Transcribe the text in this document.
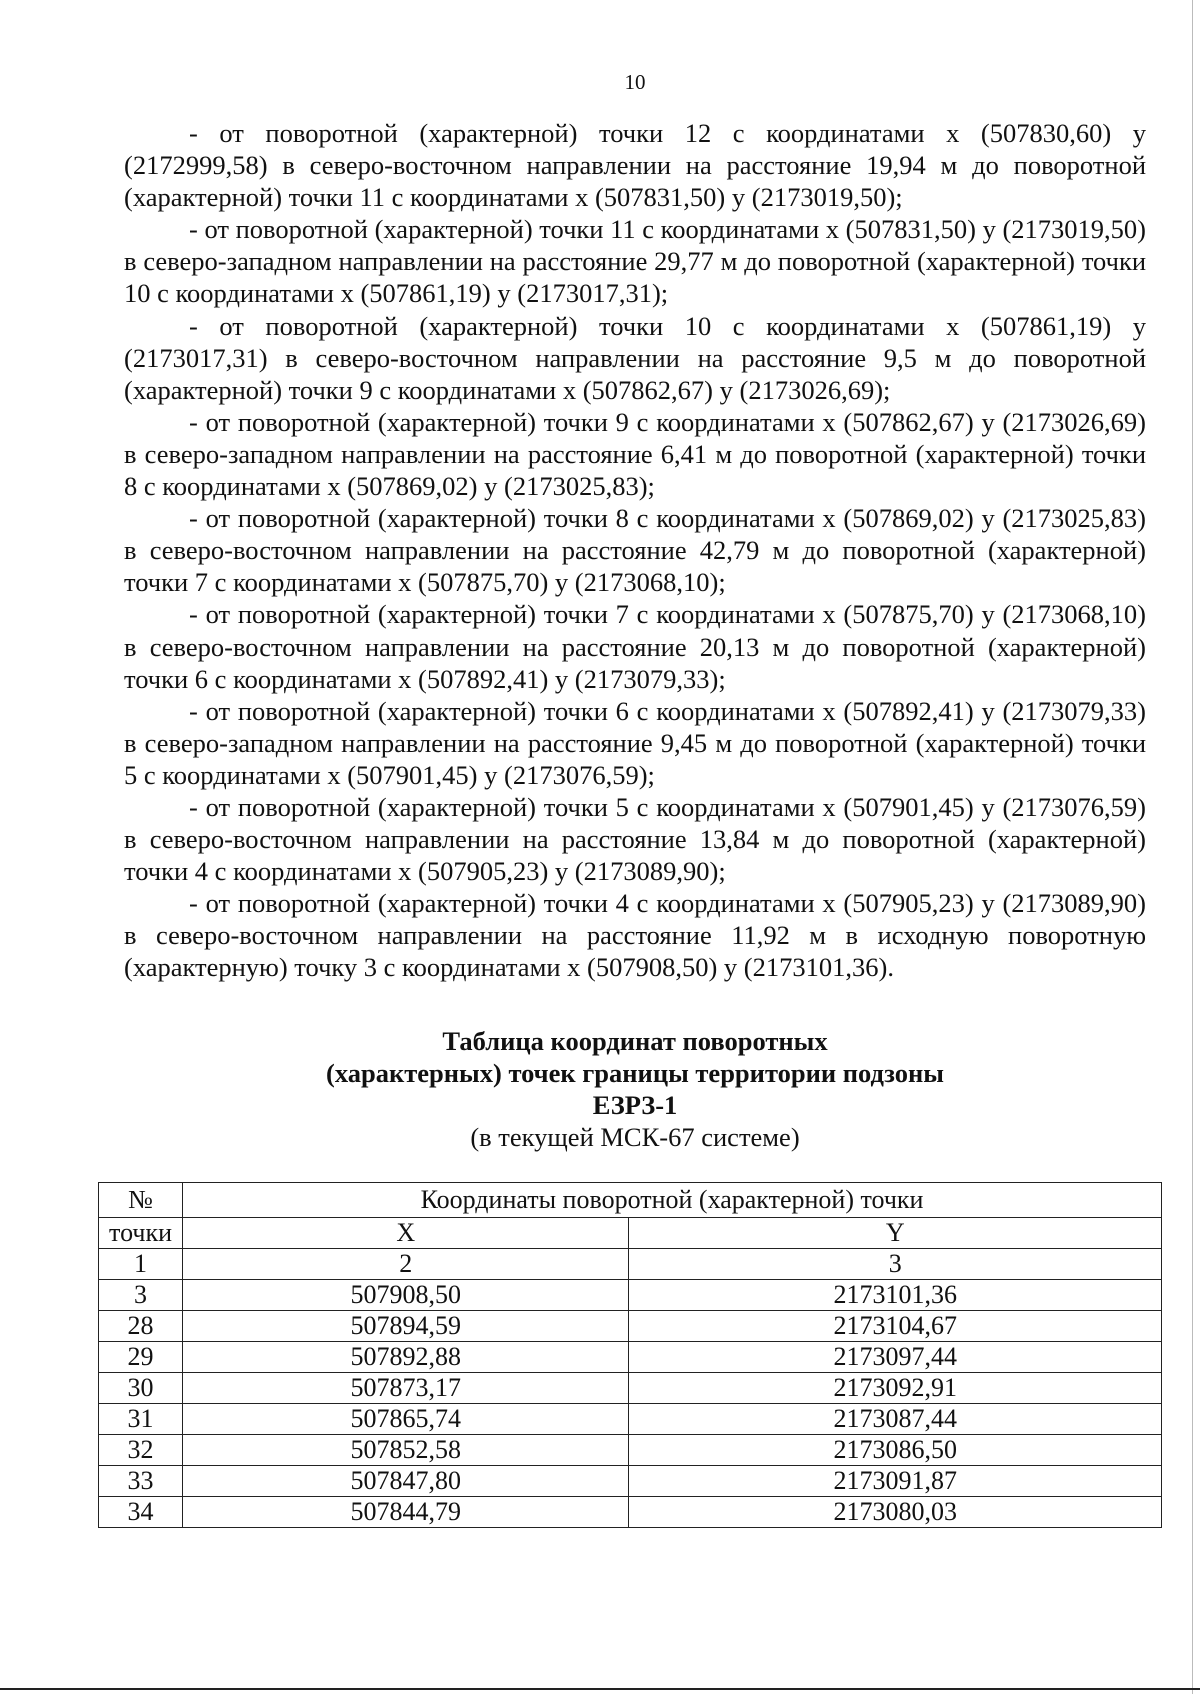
10

- от поворотной (характерной) точки 12 с координатами x (507830,60) y (2172999,58) в северо-восточном направлении на расстояние 19,94 м до поворотной (характерной) точки 11 с координатами x (507831,50) y (2173019,50);

- от поворотной (характерной) точки 11 с координатами x (507831,50) y (2173019,50) в северо-западном направлении на расстояние 29,77 м до поворотной (характерной) точки 10 с координатами x (507861,19) y (2173017,31);

- от поворотной (характерной) точки 10 с координатами x (507861,19) y (2173017,31) в северо-восточном направлении на расстояние 9,5 м до поворотной (характерной) точки 9 с координатами x (507862,67) y (2173026,69);

- от поворотной (характерной) точки 9 с координатами x (507862,67) y (2173026,69) в северо-западном направлении на расстояние 6,41 м до поворотной (характерной) точки 8 с координатами x (507869,02) y (2173025,83);

- от поворотной (характерной) точки 8 с координатами x (507869,02) y (2173025,83) в северо-восточном направлении на расстояние 42,79 м до поворотной (характерной) точки 7 с координатами x (507875,70) y (2173068,10);

- от поворотной (характерной) точки 7 с координатами x (507875,70) y (2173068,10) в северо-восточном направлении на расстояние 20,13 м до поворотной (характерной) точки 6 с координатами x (507892,41) y (2173079,33);

- от поворотной (характерной) точки 6 с координатами x (507892,41) y (2173079,33) в северо-западном направлении на расстояние 9,45 м до поворотной (характерной) точки 5 с координатами x (507901,45) y (2173076,59);

- от поворотной (характерной) точки 5 с координатами x (507901,45) y (2173076,59) в северо-восточном направлении на расстояние 13,84 м до поворотной (характерной) точки 4 с координатами x (507905,23) y (2173089,90);

- от поворотной (характерной) точки 4 с координатами x (507905,23) y (2173089,90) в северо-восточном направлении на расстояние 11,92 м в исходную поворотную (характерную) точку 3 с координатами x (507908,50) y (2173101,36).

Таблица координат поворотных
(характерных) точек границы территории подзоны
ЕЗРЗ-1
(в текущей МСК-67 системе)
№	Координаты поворотной (характерной) точки	
точки	X	Y
1	2	3
3	507908,50	2173101,36
28	507894,59	2173104,67
29	507892,88	2173097,44
30	507873,17	2173092,91
31	507865,74	2173087,44
32	507852,58	2173086,50
33	507847,80	2173091,87
34	507844,79	2173080,03
